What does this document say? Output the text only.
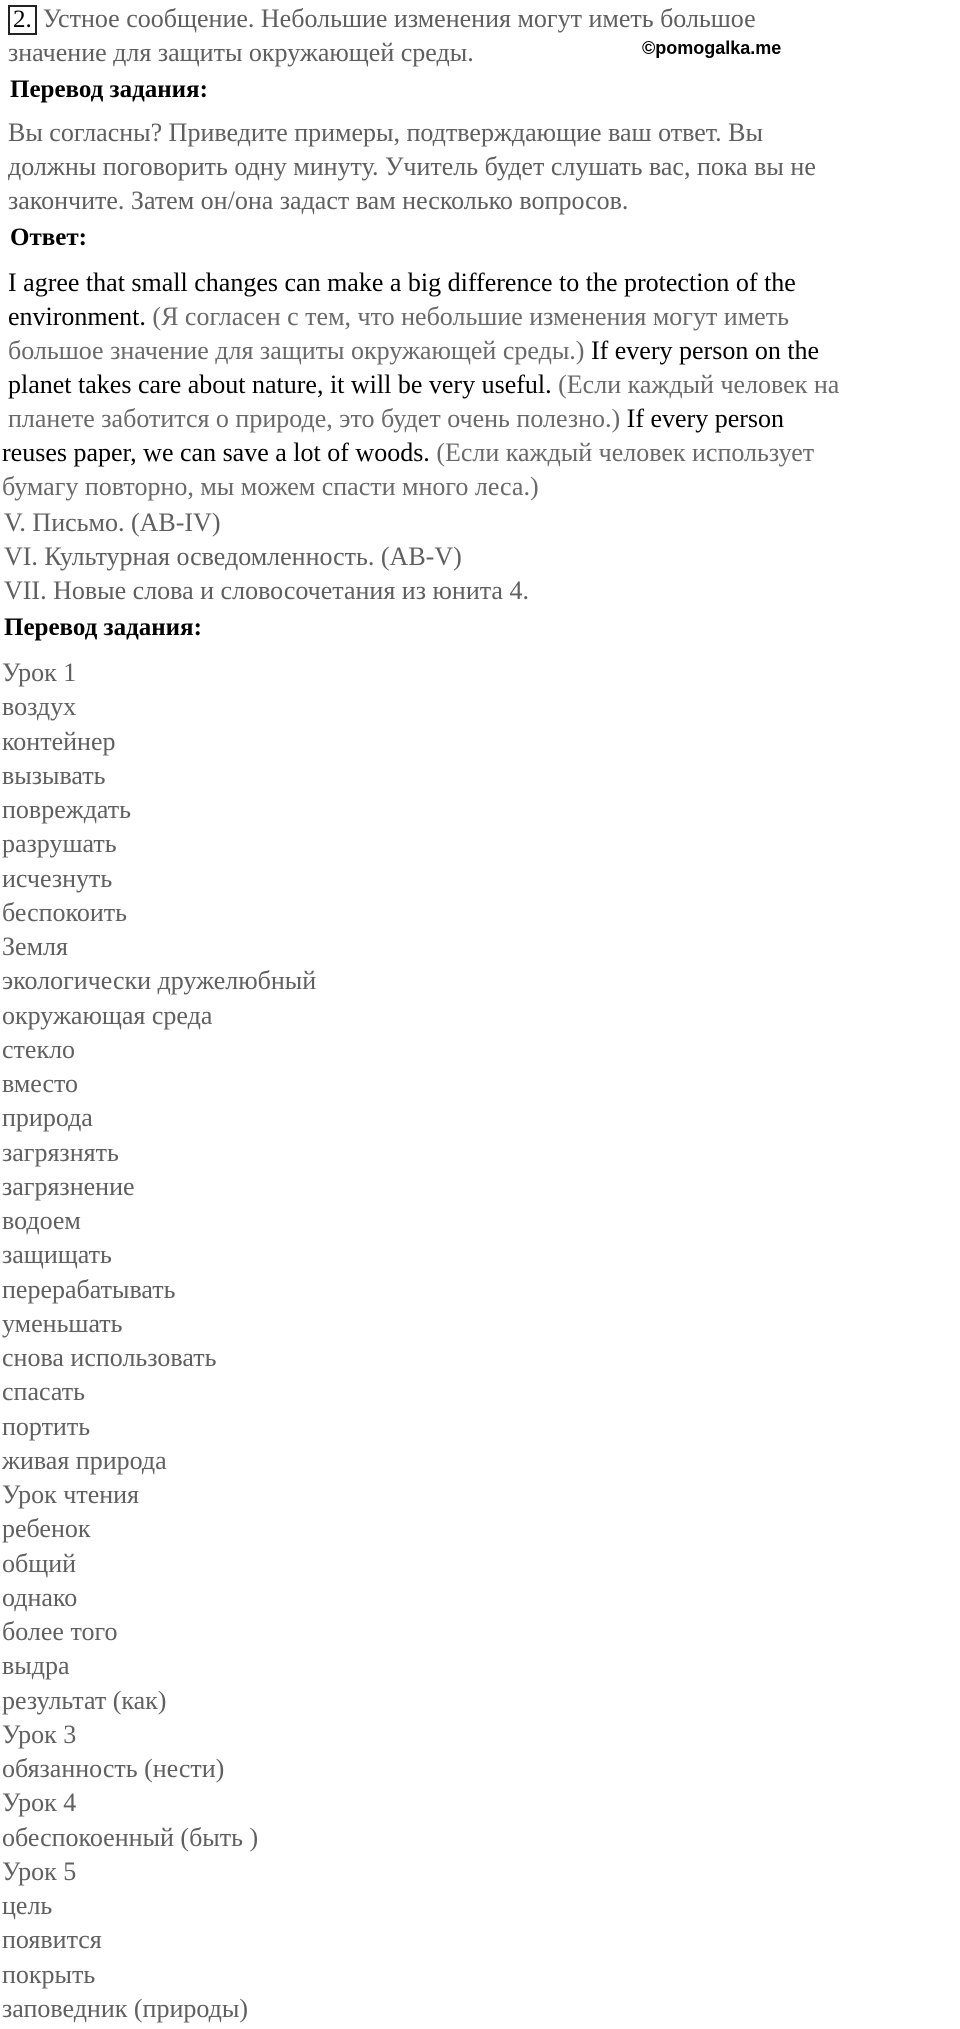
2. Устное сообщение. Небольшие изменения могут иметь большое
значение для защиты окружающей среды.	©pomogalka.me
Перевод задания:
Вы согласны? Приведите примеры, подтверждающие ваш ответ. Вы
должны поговорить одну минуту. Учитель будет слушать вас, пока вы не
закончите. Затем он/она задаст вам несколько вопросов.
Ответ:
I agree that small changes can make a big difference to the protection of the
environment. (Я согласен с тем, что небольшие изменения могут иметь
большое значение для защиты окружающей среды.) If every person on the
planet takes care about nature, it will be very useful. (Если каждый человек на
планете заботится о природе, это будет очень полезно.) If every person
reuses paper, we can save a lot of woods. (Если каждый человек использует
бумагу повторно, мы можем спасти много леса.)
V. Письмо. (AB-IV)
VI. Культурная осведомленность. (AB-V)
VII. Новые слова и словосочетания из юнита 4.
Перевод задания:
Урок 1
воздух
контейнер
вызывать
повреждать
разрушать
исчезнуть
беспокоить
Земля
экологически дружелюбный
окружающая среда
стекло
вместо
природа
загрязнять
загрязнение
водоем
защищать
перерабатывать
уменьшать
снова использовать
спасать
портить
живая природа
Урок чтения
ребенок
общий
однако
более того
выдра
результат (как)
Урок 3
обязанность (нести)
Урок 4
обеспокоенный (быть )
Урок 5
цель
появится
покрыть
заповедник (природы)
